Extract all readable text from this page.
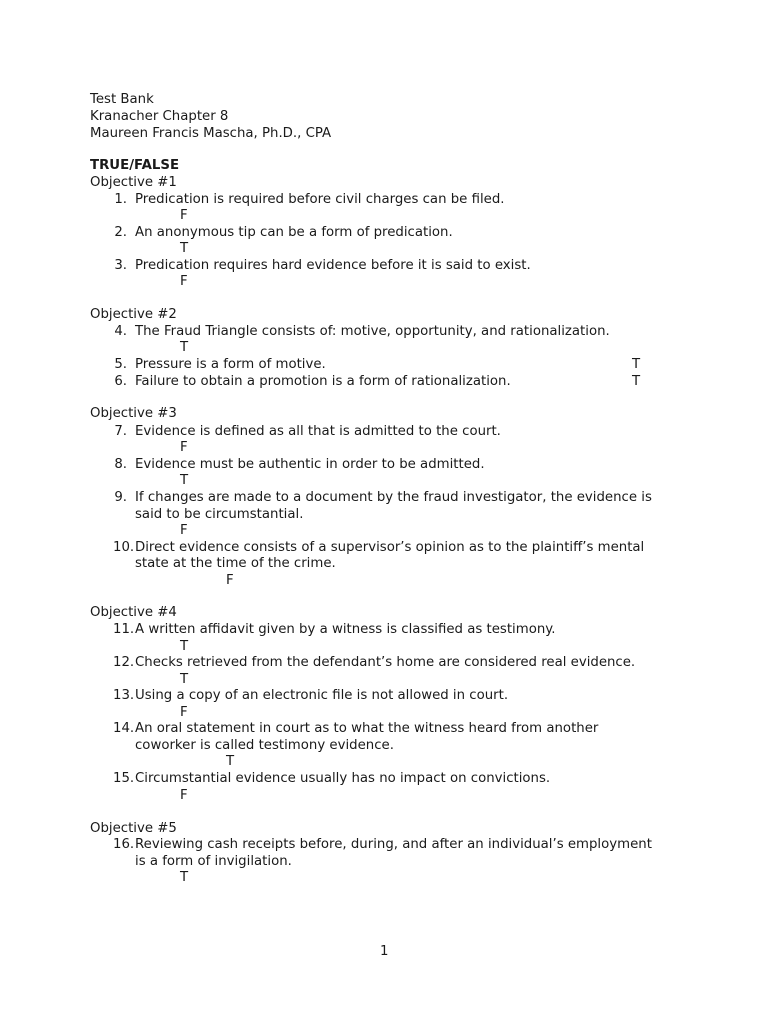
Test Bank
Kranacher Chapter 8
Maureen Francis Mascha, Ph.D., CPA
TRUE/FALSE
Objective #1
1. Predication is required before civil charges can be filed.
F
2. An anonymous tip can be a form of predication.
T
3. Predication requires hard evidence before it is said to exist.
F
Objective #2
4. The Fraud Triangle consists of: motive, opportunity, and rationalization.
T
5. Pressure is a form of motive.	T
6. Failure to obtain a promotion is a form of rationalization.	T
Objective #3
7. Evidence is defined as all that is admitted to the court.
F
8. Evidence must be authentic in order to be admitted.
T
9. If changes are made to a document by the fraud investigator, the evidence is
said to be circumstantial.
F
10. Direct evidence consists of a supervisor’s opinion as to the plaintiff’s mental
state at the time of the crime.
F
Objective #4
11. A written affidavit given by a witness is classified as testimony.
T
12. Checks retrieved from the defendant’s home are considered real evidence.
T
13. Using a copy of an electronic file is not allowed in court.
F
14. An oral statement in court as to what the witness heard from another
coworker is called testimony evidence.
T
15. Circumstantial evidence usually has no impact on convictions.
F
Objective #5
16. Reviewing cash receipts before, during, and after an individual’s employment
is a form of invigilation.
T
1
